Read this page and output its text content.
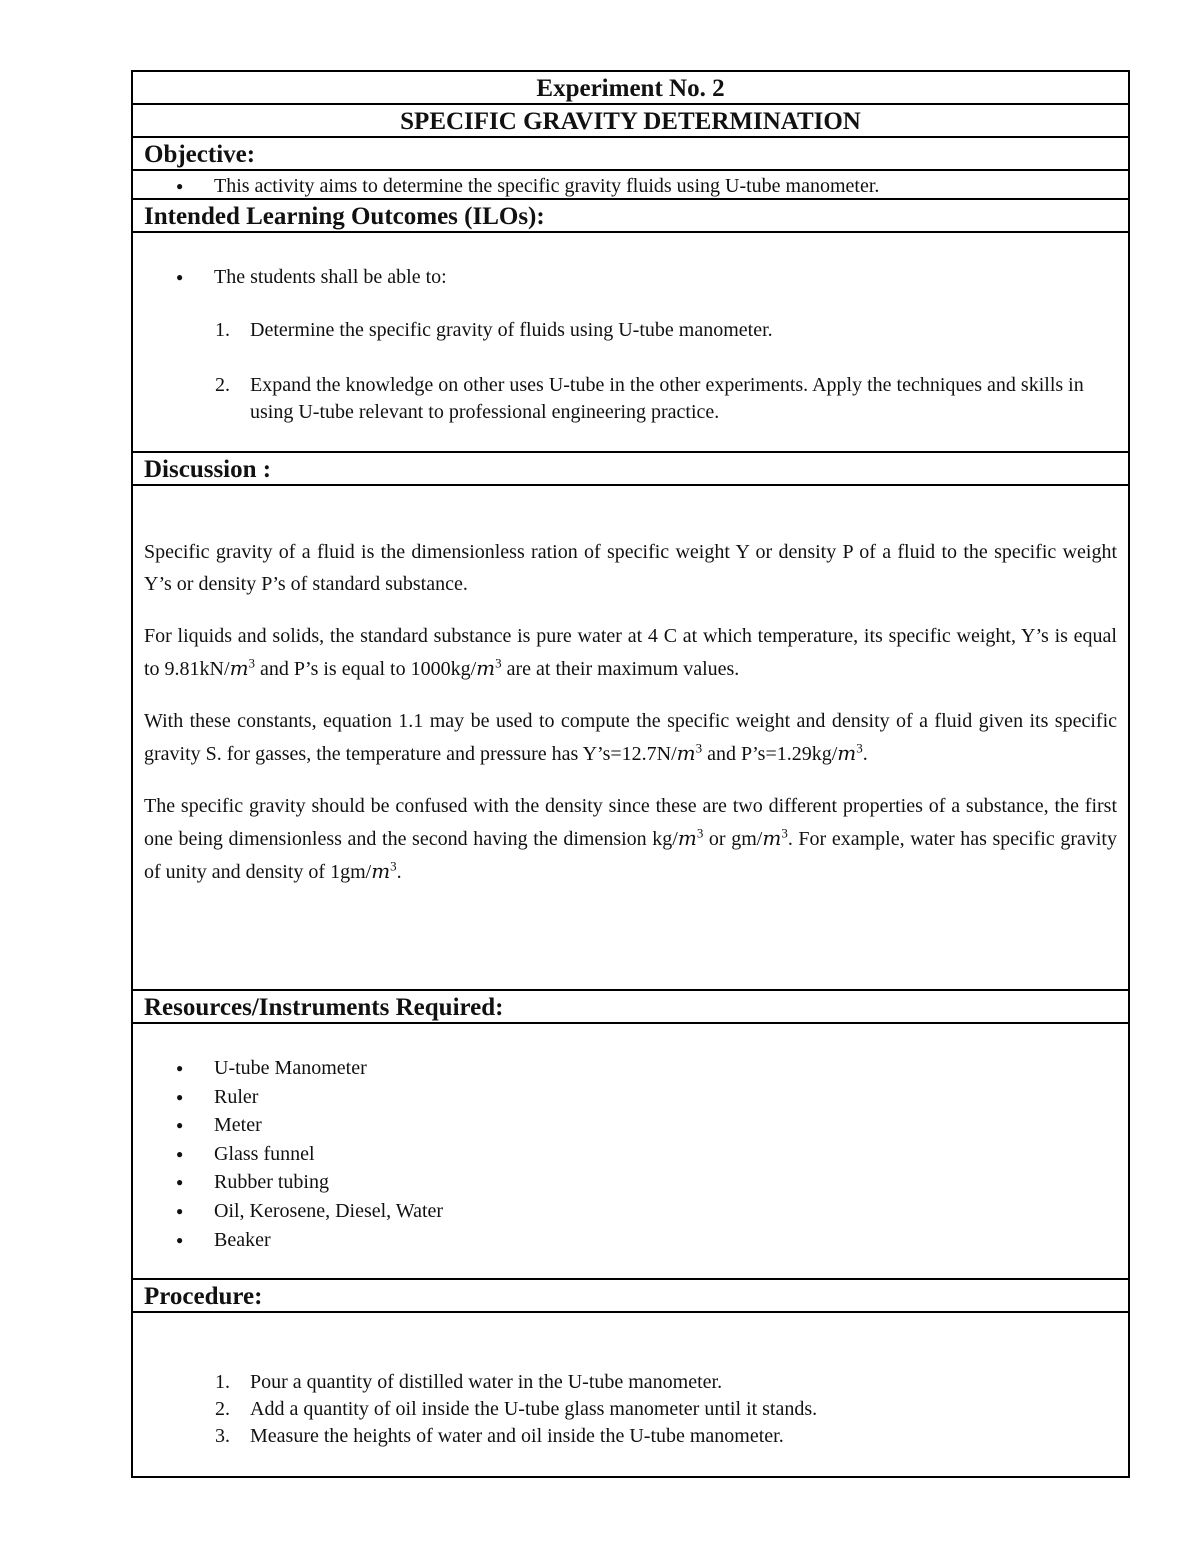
Experiment No. 2
SPECIFIC GRAVITY DETERMINATION
Objective:
● This activity aims to determine the specific gravity fluids using U-tube manometer.
Intended Learning Outcomes (ILOs):
● The students shall be able to:
1. Determine the specific gravity of fluids using U-tube manometer.
2. Expand the knowledge on other uses U-tube in the other experiments. Apply the techniques and skills in using U-tube relevant to professional engineering practice.
Discussion :

Specific gravity of a fluid is the dimensionless ration of specific weight Y or density P of a fluid to the specific weight Y’s or density P’s of standard substance.

For liquids and solids, the standard substance is pure water at 4 C at which temperature, its specific weight, Y’s is equal to $9.81kN/m^3$ and P’s is equal to $1000kg/m^3$ are at their maximum values.

With these constants, equation 1.1 may be used to compute the specific weight and density of a fluid given its specific gravity S. for gasses, the temperature and pressure has $Y’s=12.7N/m^3$ and $P’s=1.29kg/m^3$.

The specific gravity should be confused with the density since these are two different properties of a substance, the first one being dimensionless and the second having the dimension $kg/m^3$ or $gm/m^3$. For example, water has specific gravity of unity and density of $1gm/m^3$.

Resources/Instruments Required:
● U-tube Manometer
● Ruler
● Meter
● Glass funnel
● Rubber tubing
● Oil, Kerosene, Diesel, Water
● Beaker
Procedure:
1. Pour a quantity of distilled water in the U-tube manometer.
2. Add a quantity of oil inside the U-tube glass manometer until it stands.
3. Measure the heights of water and oil inside the U-tube manometer.
